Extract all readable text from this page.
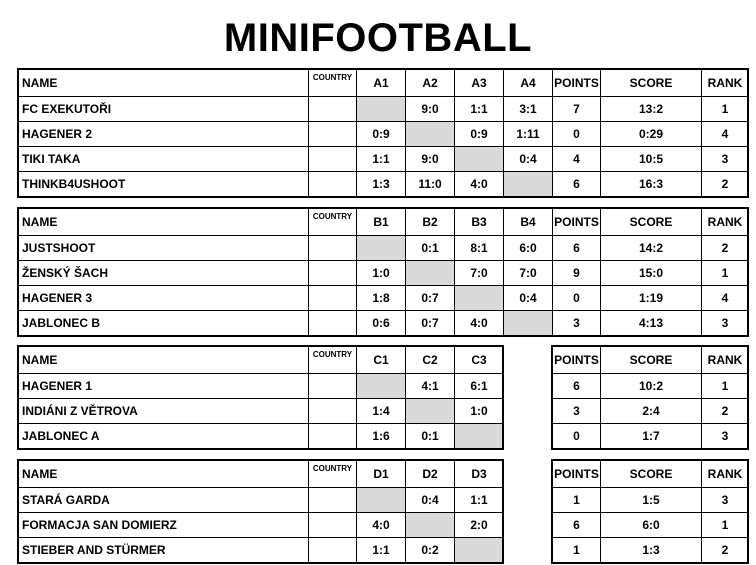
MINIFOOTBALL
NAME	COUNTRY	A1	A2	A3	A4	POINTS	SCORE	RANK
FC EXEKUTOŘI			9:0	1:1	3:1	7	13:2	1
HAGENER 2		0:9		0:9	1:11	0	0:29	4
TIKI TAKA		1:1	9:0		0:4	4	10:5	3
THINKB4USHOOT		1:3	11:0	4:0		6	16:3	2
NAME	COUNTRY	B1	B2	B3	B4	POINTS	SCORE	RANK
JUSTSHOOT			0:1	8:1	6:0	6	14:2	2
ŽENSKÝ ŠACH		1:0		7:0	7:0	9	15:0	1
HAGENER 3		1:8	0:7		0:4	0	1:19	4
JABLONEC B		0:6	0:7	4:0		3	4:13	3
NAME	COUNTRY	C1	C2	C3		POINTS	SCORE	RANK
HAGENER 1			4:1	6:1		6	10:2	1
INDIÁNI Z VĚTROVA		1:4		1:0		3	2:4	2
JABLONEC A		1:6	0:1			0	1:7	3
NAME	COUNTRY	D1	D2	D3		POINTS	SCORE	RANK
STARÁ GARDA			0:4	1:1		1	1:5	3
FORMACJA SAN DOMIERZ		4:0		2:0		6	6:0	1
STIEBER AND STÜRMER		1:1	0:2			1	1:3	2
